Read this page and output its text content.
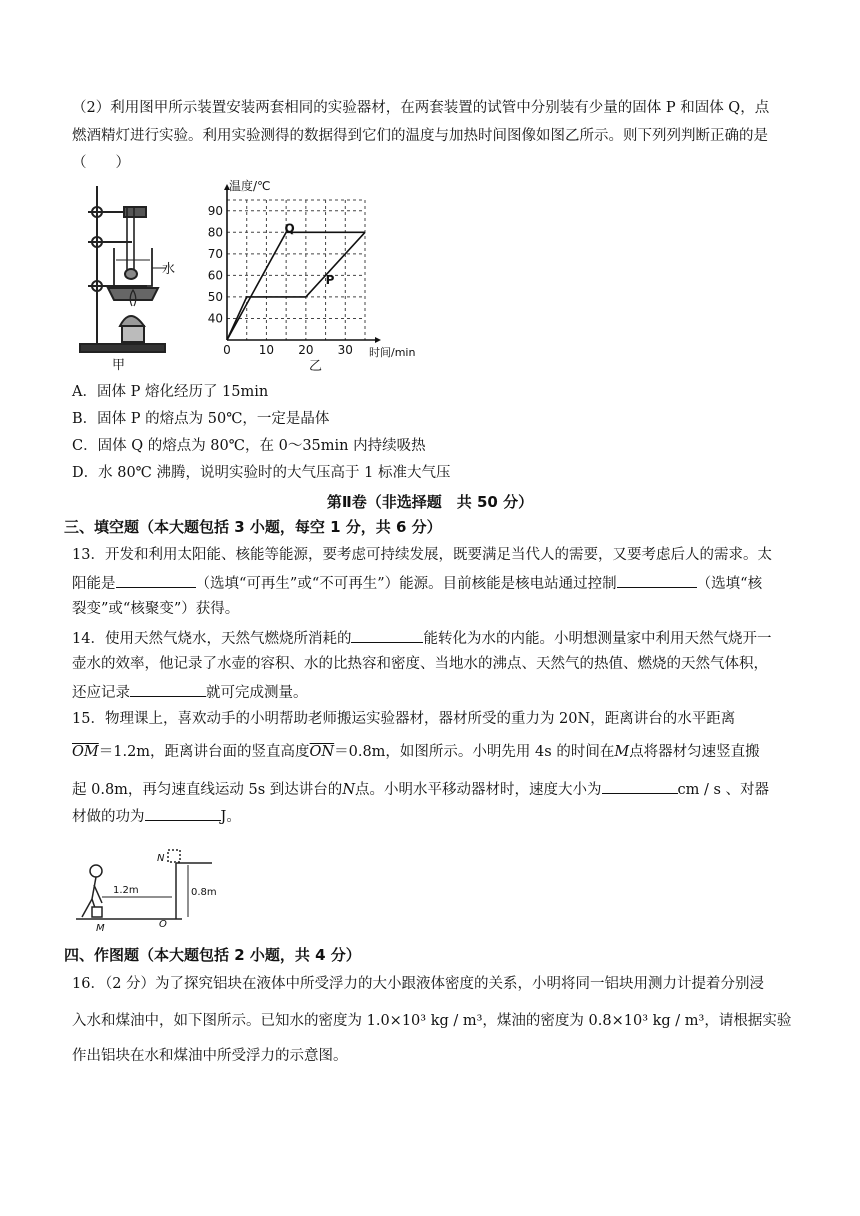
（2）利用图甲所示装置安装两套相同的实验器材，在两套装置的试管中分别装有少量的固体 P 和固体 Q，点
燃酒精灯进行实验。利用实验测得的数据得到它们的温度与加热时间图像如图乙所示。则下列列判断正确的是
（　　）
水
甲
温度/℃
时间/min
乙
0 10 20 30
40
50
60
70
80
90
Q
P
A．固体 P 熔化经历了 15min
B．固体 P 的熔点为 50℃，一定是晶体
C．固体 Q 的熔点为 80℃，在 0～35min 内持续吸热
D．水 80℃ 沸腾，说明实验时的大气压高于 1 标准大气压
第Ⅱ卷（非选择题　共 50 分）
三、填空题（本大题包括 3 小题，每空 1 分，共 6 分）
13．开发和利用太阳能、核能等能源，要考虑可持续发展，既要满足当代人的需要，又要考虑后人的需求。太
阳能是	（选填“可再生”或“不可再生”）能源。目前核能是核电站通过控制	（选填“核
裂变”或“核聚变”）获得。
14．使用天然气烧水，天然气燃烧所消耗的	能转化为水的内能。小明想测量家中利用天然气烧开一
壶水的效率，他记录了水壶的容积、水的比热容和密度、当地水的沸点、天然气的热值、燃烧的天然气体积，
还应记录	就可完成测量。
15．物理课上，喜欢动手的小明帮助老师搬运实验器材，器材所受的重力为 20N，距离讲台的水平距离
$\overline{OM}=1.2m$，距离讲台面的竖直高度$\overline{ON}=0.8m$，如图所示。小明先用 4s 的时间在M点将器材匀速竖直搬
起 0.8m，再匀速直线运动 5s 到达讲台的N点。小明水平移动器材时，速度大小为	cm / s 、对器
材做的功为	J。
1.2m	0.8m
N
M	O
四、作图题（本大题包括 2 小题，共 4 分）
16．（2 分）为了探究铝块在液体中所受浮力的大小跟液体密度的关系，小明将同一铝块用测力计提着分别浸
入水和煤油中，如下图所示。已知水的密度为 1.0×10³ kg / m³，煤油的密度为 0.8×10³ kg / m³，请根据实验
作出铝块在水和煤油中所受浮力的示意图。
